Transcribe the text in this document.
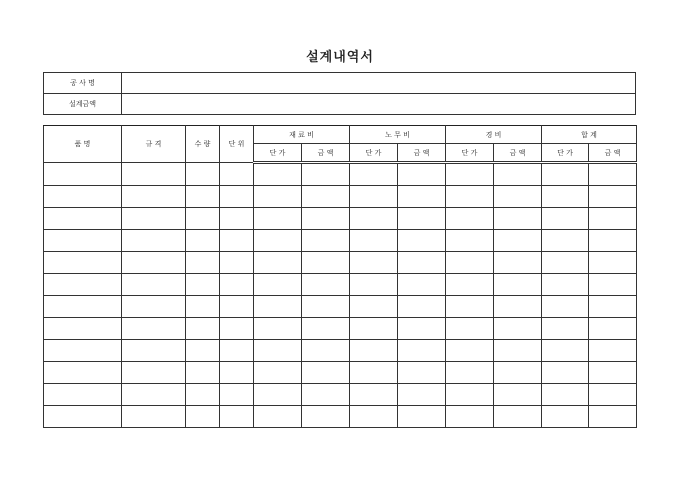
설계내역서
공 사 명	
설계금액	
품 명	규 격	수 량	단 위	재 료 비		노 무 비		경 비		합 계	
				단 가	금 액	단 가	금 액	단 가	금 액	단 가	금 액
